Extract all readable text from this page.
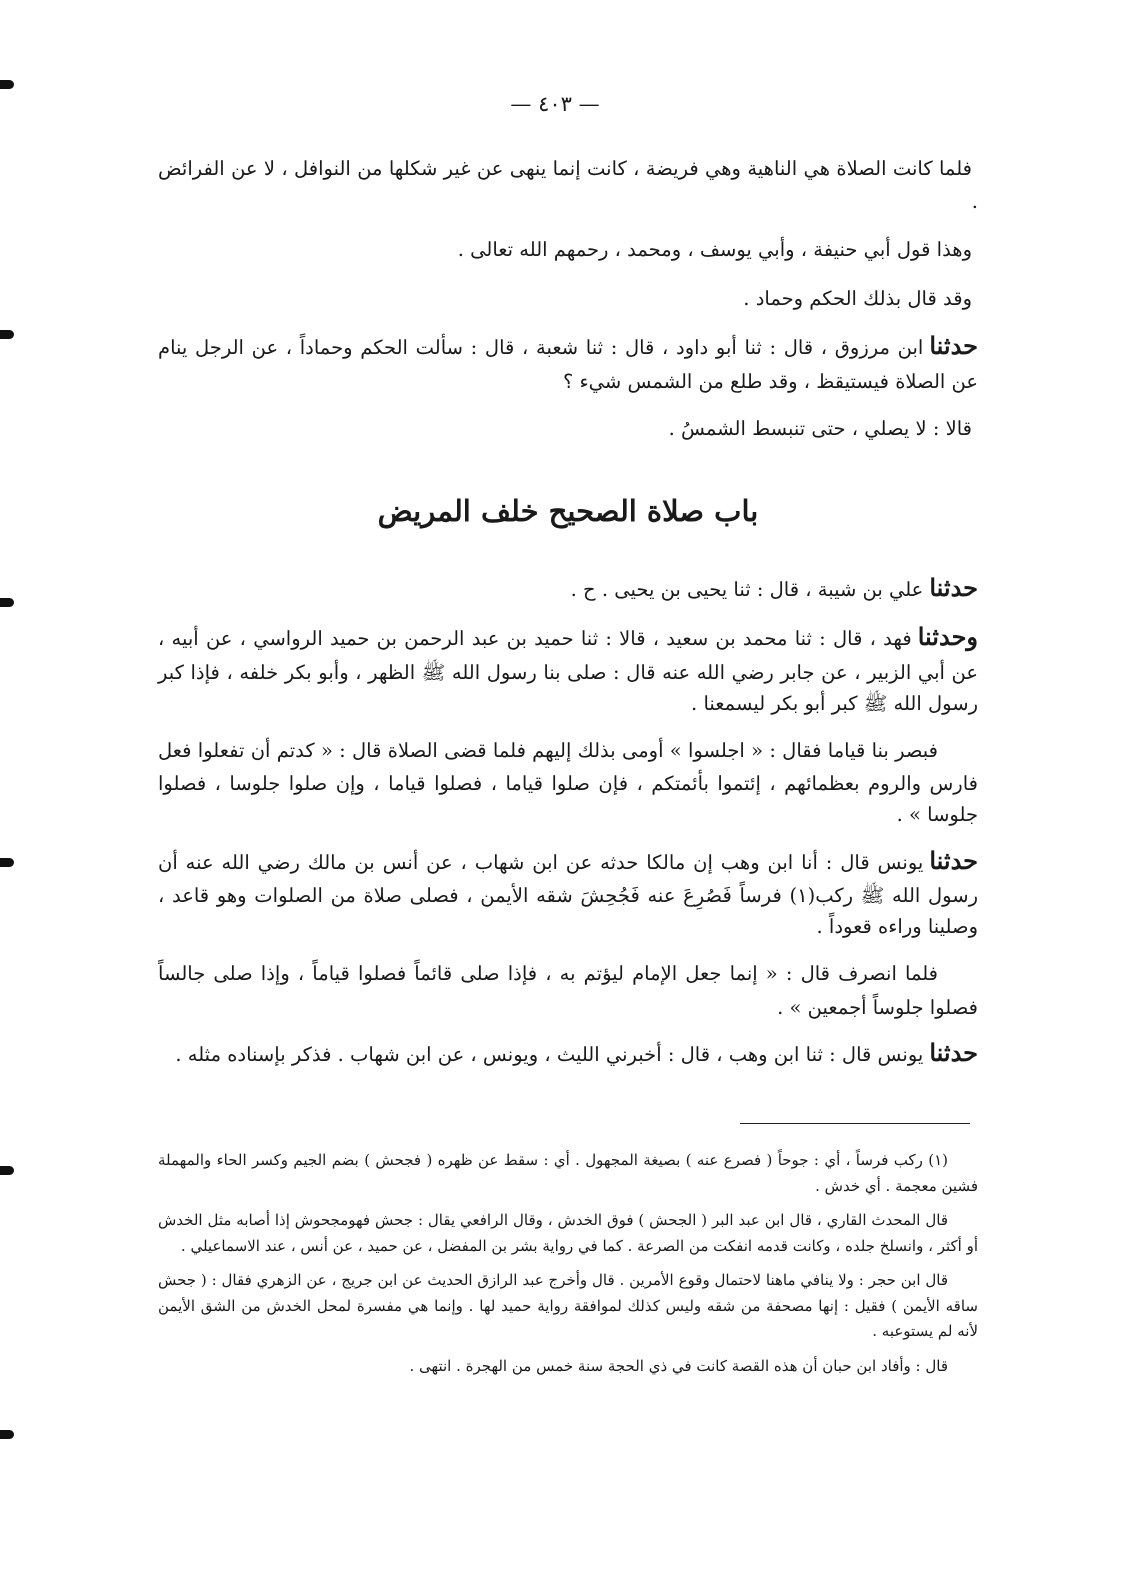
— ٤٠٣ —

فلما كانت الصلاة هي الناهية وهي فريضة ، كانت إنما ينهى عن غير شكلها من النوافل ، لا عن الفرائض .

وهذا قول أبي حنيفة ، وأبي يوسف ، ومحمد ، رحمهم الله تعالى .

وقد قال بذلك الحكم وحماد .

حدثناابن مرزوق ، قال : ثنا أبو داود ، قال : ثنا شعبة ، قال : سألت الحكم وحماداً ، عن الرجل ينام عن الصلاة فيستيقظ ، وقد طلع من الشمس شيء ؟

قالا : لا يصلي ، حتى تنبسط الشمسُ .

باب صلاة الصحيح خلف المريض

حدثناعلي بن شيبة ، قال : ثنا يحيى بن يحيى . ح .

وحدثنافهد ، قال : ثنا محمد بن سعيد ، قالا : ثنا حميد بن عبد الرحمن بن حميد الرواسي ، عن أبيه ، عن أبي الزبير ، عن جابر رضي الله عنه قال : صلى بنا رسول الله ﷺ الظهر ، وأبو بكر خلفه ، فإذا كبر رسول الله ﷺ كبر أبو بكر ليسمعنا .

فبصر بنا قياما فقال : « اجلسوا » أومى بذلك إليهم فلما قضى الصلاة قال : « كدتم أن تفعلوا فعل فارس والروم بعظمائهم ، إئتموا بأئمتكم ، فإن صلوا قياما ، فصلوا قياما ، وإن صلوا جلوسا ، فصلوا جلوسا » .

حدثنايونس قال : أنا ابن وهب إن مالكا حدثه عن ابن شهاب ، عن أنس بن مالك رضي الله عنه أن رسول الله ﷺ ركب(١) فرساً فَصُرِعَ عنه فَجُحِشَ شقه الأيمن ، فصلى صلاة من الصلوات وهو قاعد ، وصلينا وراءه قعوداً .

فلما انصرف قال : « إنما جعل الإمام ليؤتم به ، فإذا صلى قائماً فصلوا قياماً ، وإذا صلى جالساً فصلوا جلوساً أجمعين » .

حدثنايونس قال : ثنا ابن وهب ، قال : أخبرني الليث ، ويونس ، عن ابن شهاب . فذكر بإسناده مثله .

(١) ركب فرساً ، أي : جوحاً ( فصرع عنه ) بصيغة المجهول . أي : سقط عن ظهره ( فجحش ) بضم الجيم وكسر الحاء والمهملة فشين معجمة . أي خدش .

قال المحدث القاري ، قال ابن عبد البر ( الجحش ) فوق الخدش ، وقال الرافعي يقال : جحش فهومجحوش إذا أصابه مثل الخدش أو أكثر ، وانسلخ جلده ، وكانت قدمه انفكت من الصرعة . كما في رواية بشر بن المفضل ، عن حميد ، عن أنس ، عند الاسماعيلي .

قال ابن حجر : ولا ينافي ماهنا لاحتمال وقوع الأمرين . قال وأخرج عبد الرازق الحديث عن ابن جريج ، عن الزهري فقال : ( جحش ساقه الأيمن ) فقيل : إنها مصحفة من شقه وليس كذلك لموافقة رواية حميد لها . وإنما هي مفسرة لمحل الخدش من الشق الأيمن لأنه لم يستوعبه .

قال : وأفاد ابن حبان أن هذه القصة كانت في ذي الحجة سنة خمس من الهجرة . انتهى .
